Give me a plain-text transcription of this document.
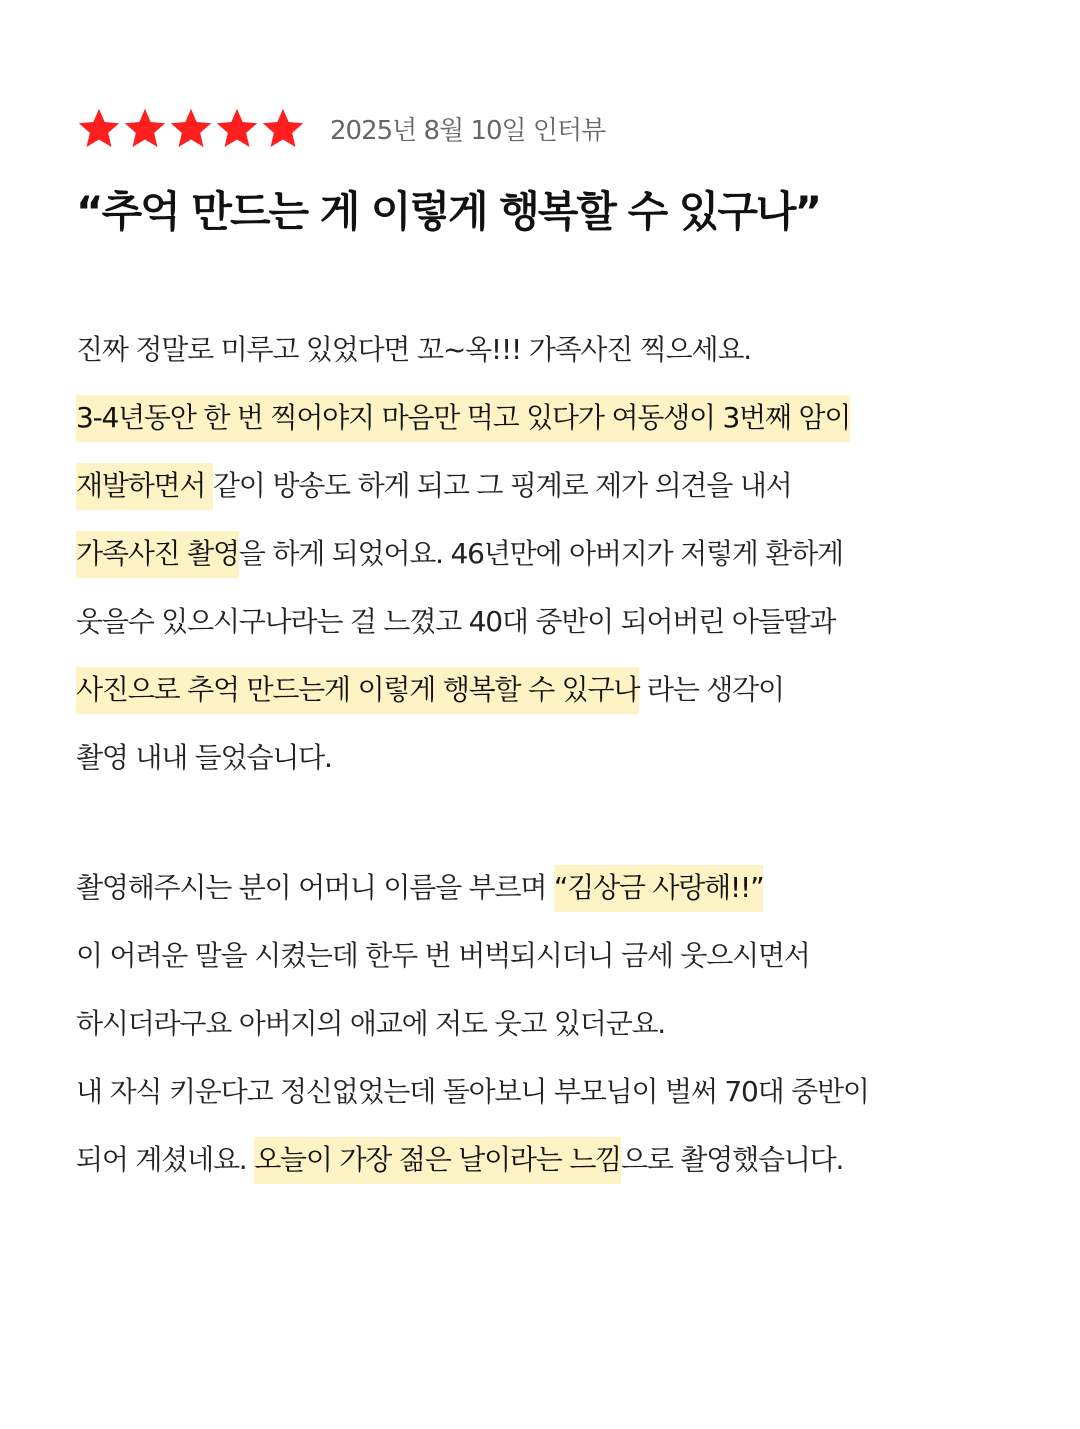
2025년 8월 10일 인터뷰
“추억 만드는 게 이렇게 행복할 수 있구나”
진짜 정말로 미루고 있었다면 꼬~옥!!! 가족사진 찍으세요.
3-4년동안 한 번 찍어야지 마음만 먹고 있다가 여동생이 3번째 암이
재발하면서 같이 방송도 하게 되고 그 핑계로 제가 의견을 내서
가족사진 촬영을 하게 되었어요. 46년만에 아버지가 저렇게 환하게
웃을수 있으시구나라는 걸 느꼈고 40대 중반이 되어버린 아들딸과
사진으로 추억 만드는게 이렇게 행복할 수 있구나 라는 생각이
촬영 내내 들었습니다.
촬영해주시는 분이 어머니 이름을 부르며 “김상금 사랑해!!”
이 어려운 말을 시켰는데 한두 번 버벅되시더니 금세 웃으시면서
하시더라구요 아버지의 애교에 저도 웃고 있더군요.
내 자식 키운다고 정신없었는데 돌아보니 부모님이 벌써 70대 중반이
되어 계셨네요. 오늘이 가장 젊은 날이라는 느낌으로 촬영했습니다.
